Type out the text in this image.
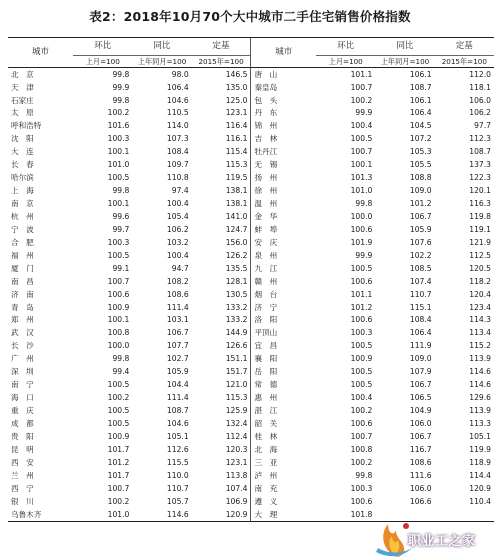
表2：2018年10月70个大中城市二手住宅销售价格指数
城市	环比	同比	定基	城市	环比	同比	定基
	上月=100	上年同月=100	2015年=100		上月=100	上年同月=100	2015年=100
北　京	99.8	98.0	146.5	唐　山	101.1	106.1	112.0
天　津	99.9	106.4	135.0	秦皇岛	100.7	108.7	118.1
石家庄	99.8	104.6	125.0	包　头	100.2	106.1	106.0
太　原	100.2	110.5	123.1	丹　东	99.9	106.4	106.2
呼和浩特	101.6	114.0	116.4	锦　州	100.4	104.5	97.7
沈　阳	100.3	107.3	116.1	吉　林	100.5	107.2	112.3
大　连	100.1	108.4	115.4	牡丹江	100.7	105.3	108.7
长　春	101.0	109.7	115.3	无　锡	100.1	105.5	137.3
哈尔滨	100.5	110.8	119.5	扬　州	101.3	108.8	122.3
上　海	99.8	97.4	138.1	徐　州	101.0	109.0	120.1
南　京	100.1	100.4	138.1	温　州	99.8	101.2	116.3
杭　州	99.6	105.4	141.0	金　华	100.0	106.7	119.8
宁　波	99.7	106.2	124.7	蚌　埠	100.6	105.9	119.1
合　肥	100.3	103.2	156.0	安　庆	101.9	107.6	121.9
福　州	100.5	100.4	126.2	泉　州	99.9	102.2	112.5
厦　门	99.1	94.7	135.5	九　江	100.5	108.5	120.5
南　昌	100.7	108.2	128.1	赣　州	100.6	107.4	118.2
济　南	100.6	108.6	130.5	烟　台	101.1	110.7	120.4
青　岛	100.9	111.4	133.2	济　宁	101.2	115.1	123.4
郑　州	100.1	103.1	133.2	洛　阳	100.6	108.4	114.3
武　汉	100.8	106.7	144.9	平顶山	100.3	106.4	113.4
长　沙	100.0	107.7	126.6	宜　昌	100.5	111.9	115.2
广　州	99.8	102.7	151.1	襄　阳	100.9	109.0	113.9
深　圳	99.4	105.9	151.7	岳　阳	100.5	107.9	114.6
南　宁	100.5	104.4	121.0	常　德	100.5	106.7	114.6
海　口	100.2	111.4	115.3	惠　州	100.4	106.5	129.6
重　庆	100.5	108.7	125.9	湛　江	100.2	104.9	113.9
成　都	100.5	104.6	132.4	韶　关	100.6	106.0	113.3
贵　阳	100.9	105.1	112.4	桂　林	100.7	106.7	105.1
昆　明	101.7	112.6	120.3	北　海	100.8	116.7	119.9
西　安	101.2	115.5	123.1	三　亚	100.2	108.6	118.9
兰　州	101.7	110.0	113.8	泸　州	99.8	111.6	114.4
西　宁	100.7	110.7	107.4	南　充	100.3	106.0	120.9
银　川	100.2	105.7	106.9	遵　义	100.6	106.6	110.4
乌鲁木齐	101.0	114.6	120.9	大　理	101.8		
职业工之家
